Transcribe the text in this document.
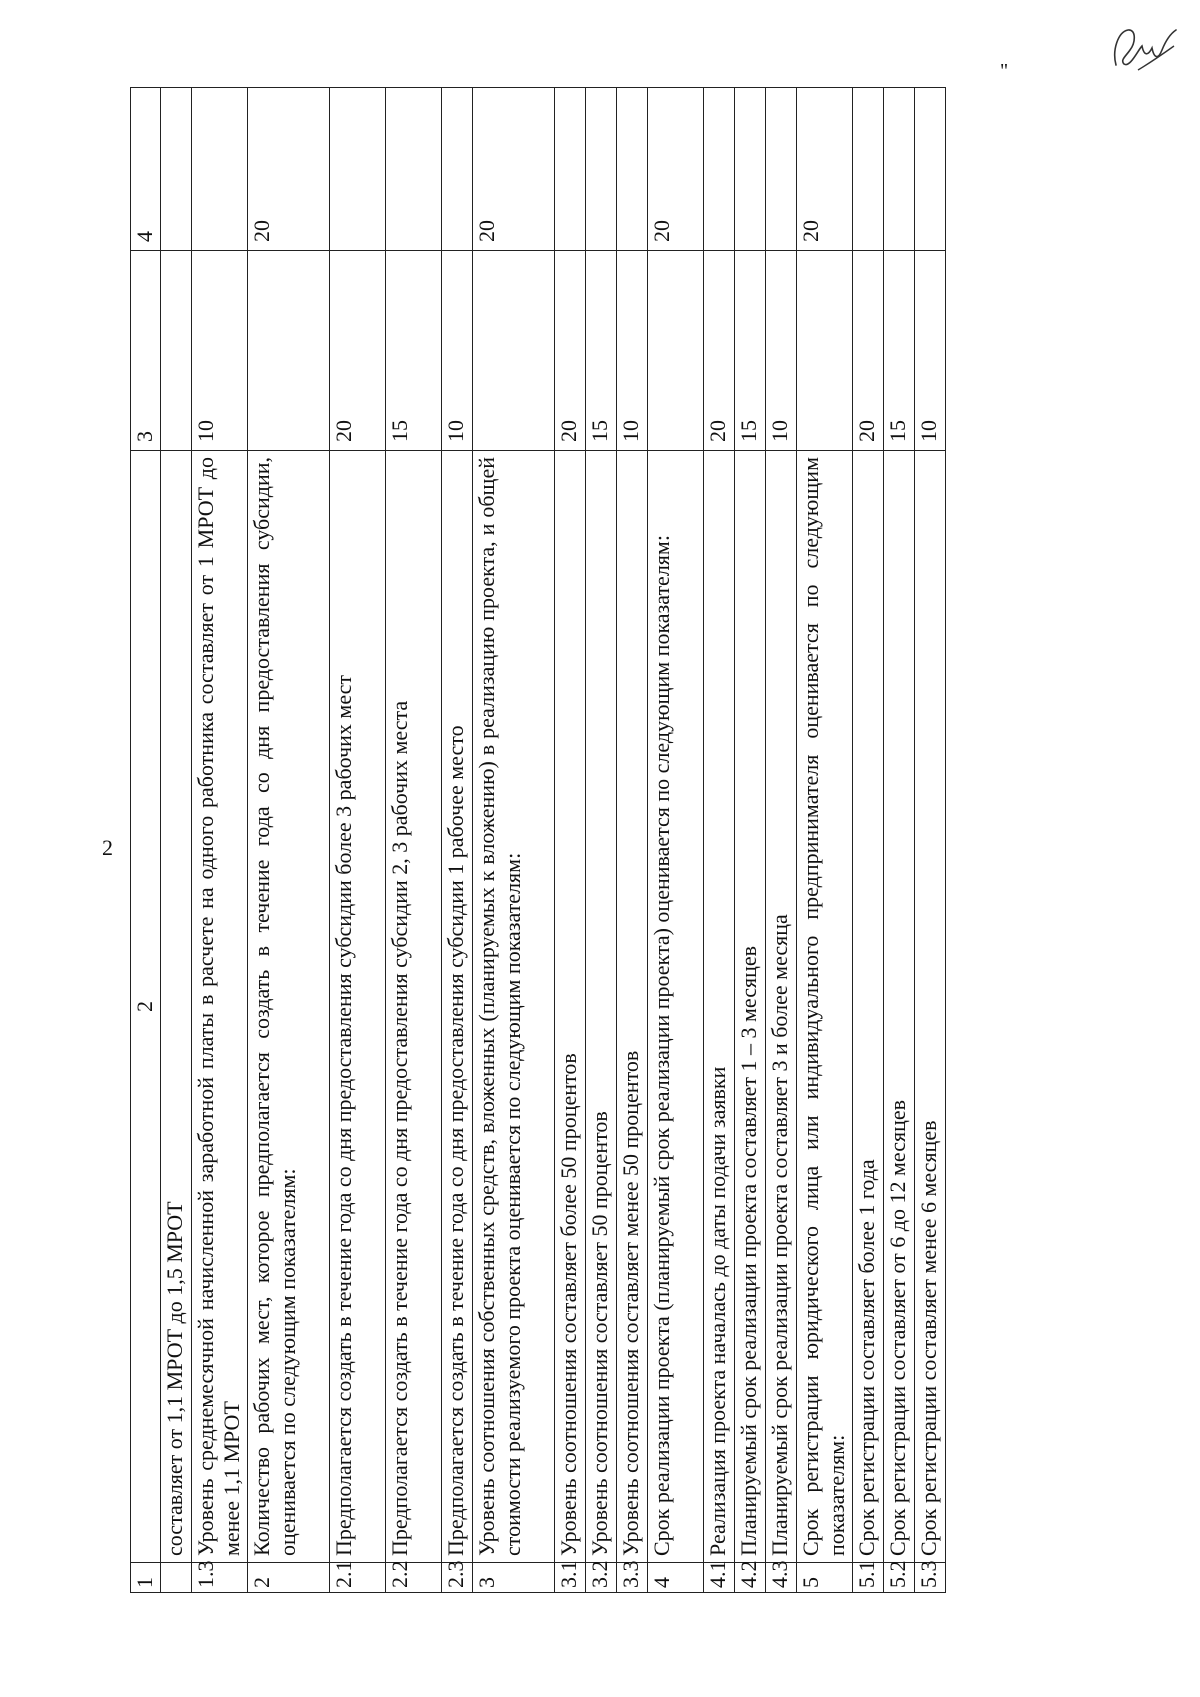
2
"
1	2	3	4
	составляет от 1,1 МРОТ до 1,5 МРОТ		
1.3	Уровень среднемесячной начисленной заработной платы в расчете на одного работника составляет от 1 МРОТ до менее 1,1 МРОТ	10	
2	Количество рабочих мест, которое предполагается создать в течение года со дня предоставления субсидии, оценивается по следующим показателям:		20
2.1	Предполагается создать в течение года со дня предоставления субсидии более 3 рабочих мест	20	
2.2	Предполагается создать в течение года со дня предоставления субсидии 2, 3 рабочих места	15	
2.3	Предполагается создать в течение года со дня предоставления субсидии 1 рабочее место	10	
3	Уровень соотношения собственных средств, вложенных (планируемых к вложению) в реализацию проекта, и общей стоимости реализуемого проекта оценивается по следующим показателям:		20
3.1	Уровень соотношения составляет более 50 процентов	20	
3.2	Уровень соотношения составляет 50 процентов	15	
3.3	Уровень соотношения составляет менее 50 процентов	10	
4	Срок реализации проекта (планируемый срок реализации проекта) оценивается по следующим показателям:		20
4.1	Реализация проекта началась до даты подачи заявки	20	
4.2	Планируемый срок реализации проекта составляет 1 – 3 месяцев	15	
4.3	Планируемый срок реализации проекта составляет 3 и более месяца	10	
5	Срок регистрации юридического лица или индивидуального предпринимателя оценивается по следующим показателям:		20
5.1	Срок регистрации составляет более 1 года	20	
5.2	Срок регистрации составляет от 6 до 12 месяцев	15	
5.3	Срок регистрации составляет менее 6 месяцев	10	
